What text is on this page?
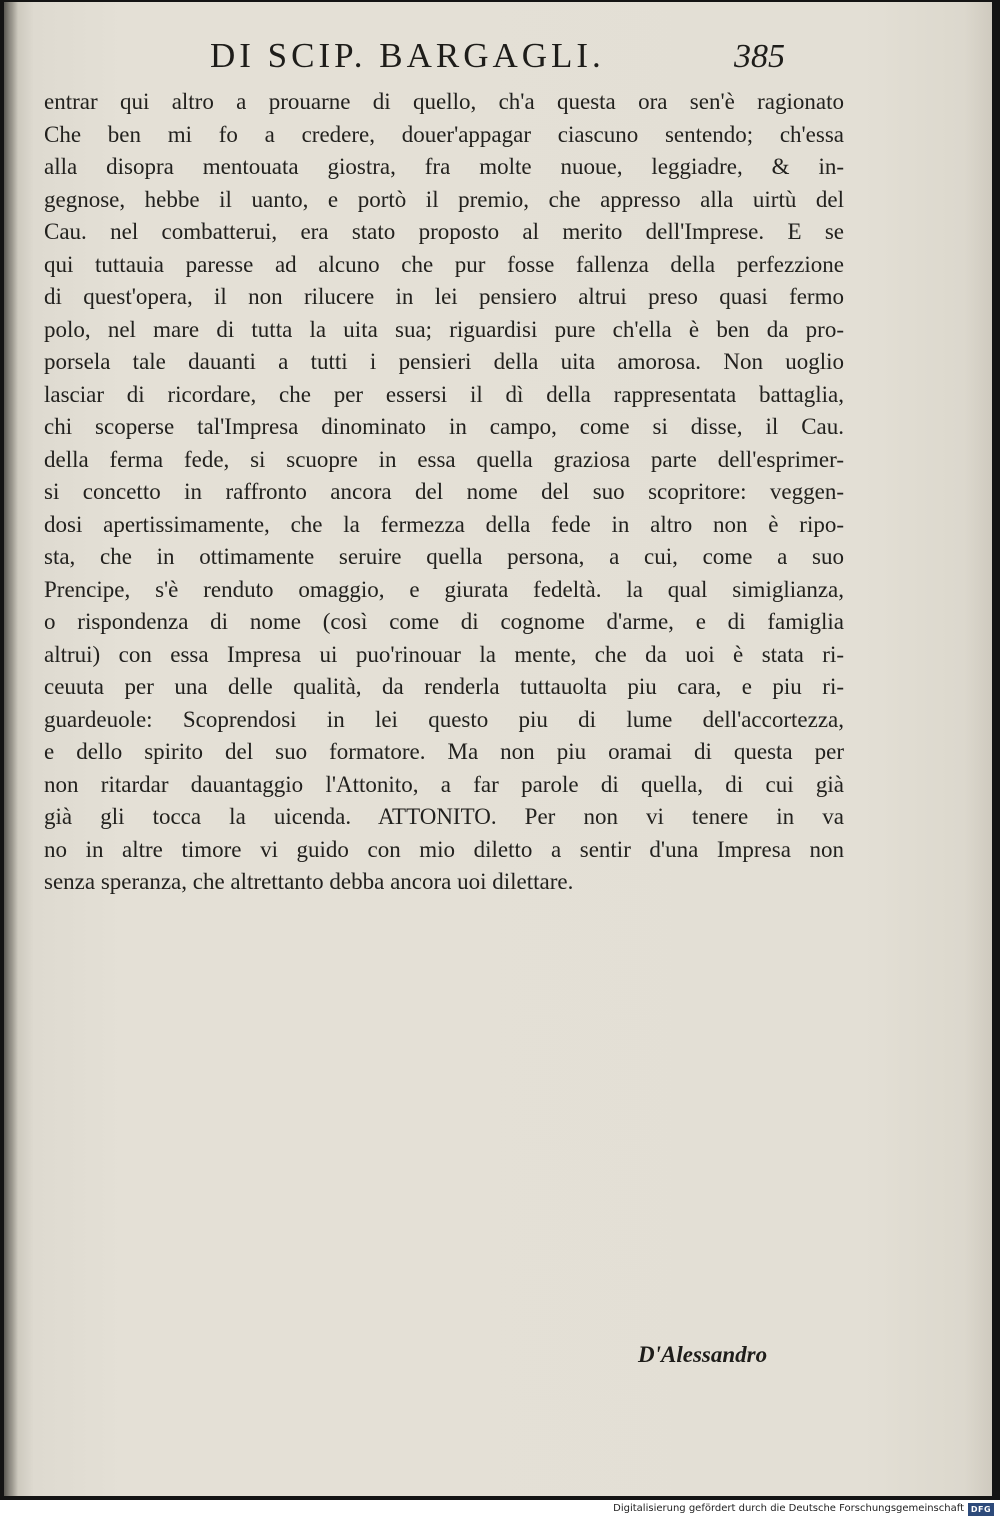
DI SCIP. BARGAGLI.	385
entrar qui altro a prouarne di quello, ch'a questa ora sen'è ragionato
Che ben mi fo a credere, douer'appagar ciascuno sentendo; ch'essa
alla disopra mentouata giostra, fra molte nuoue, leggiadre, & in-
gegnose, hebbe il uanto, e portò il premio, che appresso alla uirtù del
Cau. nel combatterui, era stato proposto al merito dell'Imprese. E se
qui tuttauia paresse ad alcuno che pur fosse fallenza della perfezzione
di quest'opera, il non rilucere in lei pensiero altrui preso quasi fermo
polo, nel mare di tutta la uita sua; riguardisi pure ch'ella è ben da pro-
porsela tale dauanti a tutti i pensieri della uita amorosa. Non uoglio
lasciar di ricordare, che per essersi il dì della rappresentata battaglia,
chi scoperse tal'Impresa dinominato in campo, come si disse, il Cau.
della ferma fede, si scuopre in essa quella graziosa parte dell'esprimer-
si concetto in raffronto ancora del nome del suo scopritore: veggen-
dosi apertissimamente, che la fermezza della fede in altro non è ripo-
sta, che in ottimamente seruire quella persona, a cui, come a suo
Prencipe, s'è renduto omaggio, e giurata fedeltà. la qual simiglianza,
o rispondenza di nome (così come di cognome d'arme, e di famiglia
altrui) con essa Impresa ui puo'rinouar la mente, che da uoi è stata ri-
ceuuta per una delle qualità, da renderla tuttauolta piu cara, e piu ri-
guardeuole: Scoprendosi in lei questo piu di lume dell'accortezza,
e dello spirito del suo formatore. Ma non piu oramai di questa per
non ritardar dauantaggio l'Attonito, a far parole di quella, di cui già
già gli tocca la uicenda. ATTONITO. Per non vi tenere in va
no in altre timore vi guido con mio diletto a sentir d'una Impresa non
senza speranza, che altrettanto debba ancora uoi dilettare.
D'Alessandro
Digitalisierung gefördert durch die Deutsche Forschungsgemeinschaft DFG
